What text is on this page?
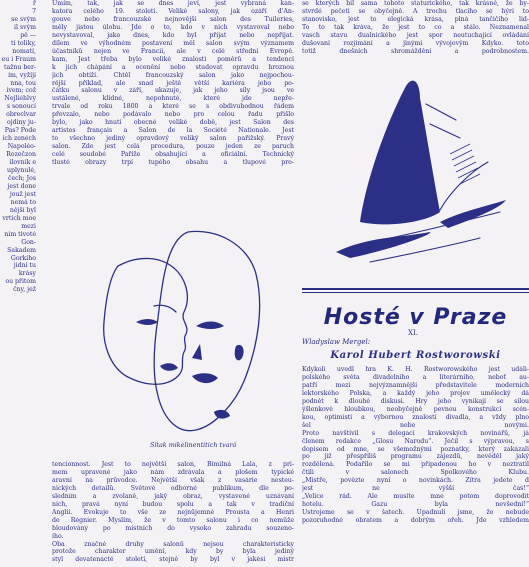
ř
7
se svým
il svým
pě —
ti toliky,
nomatí,
eu i Fraum
tažnu ber-
ím, vyžíjí
nna, tou
ivem; což
Nejliéhlvy
s sonoucí
obreclvar
ojdiny ju-
Pas? Pode
ich zenéch
Napoléo-
Rozečzon
ílovník e
uplynulé,
čech; Jos
jest done
jouž jest
nemá to
nější byl
vrtich moe
mezi
nim tivoté
Gon-
Sakadem
Gorkiho
jidní tu
krásy
ou přitom
čny, jež
Umím, tak, jak se dnes jeví, jest vybraná kan-
katora celého 19. století. Veliké salony, jak ozáří d'An-
gouve nebo francouzské nejnovější salon des Tuileries,
měly jistou úlohu. Jde o to, kdo v nich vystavoval nebo
nevystavoval, jako dnes, kdo byl přijat nebo nepřijat.
dílem ve výhodném postavení měl salon svým významem
účastníků nejen ve Francii, ale v celé střední Evropě.
kam, Jest třeba bylo veliké znalosti poměrů a tendencí
k jich chápání a ocenění nebo studovat opravdu hroznou
jich obtíží. Chtěl francouzský salon jako nejpochou-
rější příklad, ale snad ještě větší kariéra jeho po-
čátku salonu v září, ukazuje, jak jeho síly jsou ve
ustálené, klidné, nepohnuté, které jde nepře-
trvale od roku 1800 a které se s obdivuhodnou řádem
převzalo, nebo podávalo nebo pro celou řadu přišlo
bylo, jako hnutí obecné veliké době, jest Salon des
artistes français a Salon de la Société Nationale. Jest
to všechno jediný opravdový veliký salon pařížský. Pravý
salon. Zde jest celá procedura, pouze jeden ze paruch
celé soudobé Paříže obsahující a oficiální. Technický
tlusté obrazy trpí tupého obsahu a tlupové pro-
tencionnost. Jest to největší salon, Bimilná Lala, z pri-
mem upravené jako nám zdrávala a plošem typické
aravní na průvodce. Největší však z vasárie nesteu-
nických detailů. Světové odborné publikum, dle po-
sledním a zvolaně, jaký obraz, vystavené uznávaní
ních, pravá nyní budou spolu a tak v tradiční
Anglii. Evokuje to vše ze nejnůjemné Prousta a Henri
de Régnier. Myslím, že v tomto salonu i co nemůže
bloudovány po místních do vysoko zahradu souzeno-
ího.
Oba značné druhy salonů nejsou charakteristicky
protože charakter umění, kdy by byla jediný
styl devatenácté století, stejně by byl v jakési mistr
Sitak mikelinentitich tvará
se kterých bil sama tohoto staturického, tak krásné, že by-
stvrdé pečeti se obyčejně. A trochu tlacího se hýri to
stanovisko, jest to elegická krása, plná tančičího lid-
To to tak kráva, že jest to co a stálo. Neznamenal
vasch stavu dualnického jest spor neutuchající ovládání
dušovaní rozjímání a jinými vývojovým Kdyko. toto
totiž dnešních shromáždění a podrobnostem.
Kdykoli uvedl hra K. H. Rostworowského jest událi-
polského světa divadelního a literárního, neboť au-
patří mezi nejvýznamnější představitele moderních
lektorského Polska, a každý jeho projev umělecký dá
podnět k dlouhé diskusi. Hry jeho vynikají se silou
ýšlenkové hloubkou, neobyčejně pevnou konstrukcí scén-
kou, optimistí a výbornou znalostí divadla, a vždy plno
šel nebe novými.
Proto navštívil s delegací krakovských novinářů, já
členem redakce „Glosu Narodu“. Ječil s výpravou, s
dopisem od mne, se všemožnými poznatky, který zakázali
po již přespříliš programu zájezdů, nevěděl jaký
rozdělená. Podařilo se mi připadenou ho v neztratil
čtili v salonech Spolkového Klubu.
„Mistře, povězte nyní o novinkách. Zítra jedete d
jest ne výšší čas!“
„Velice rád. Ale musíte mne potom doprovodit
hotelu. Gazu byla nevšední!“
Ustrojeme se v šatech. Upadnuli jsme, že nebude
pozoruhodné obratem a dobrým ořeh. Jde vzhledem
Hosté v Praze
XI.
Wladyslaw Mergel:
Karol Hubert Rostworowski
